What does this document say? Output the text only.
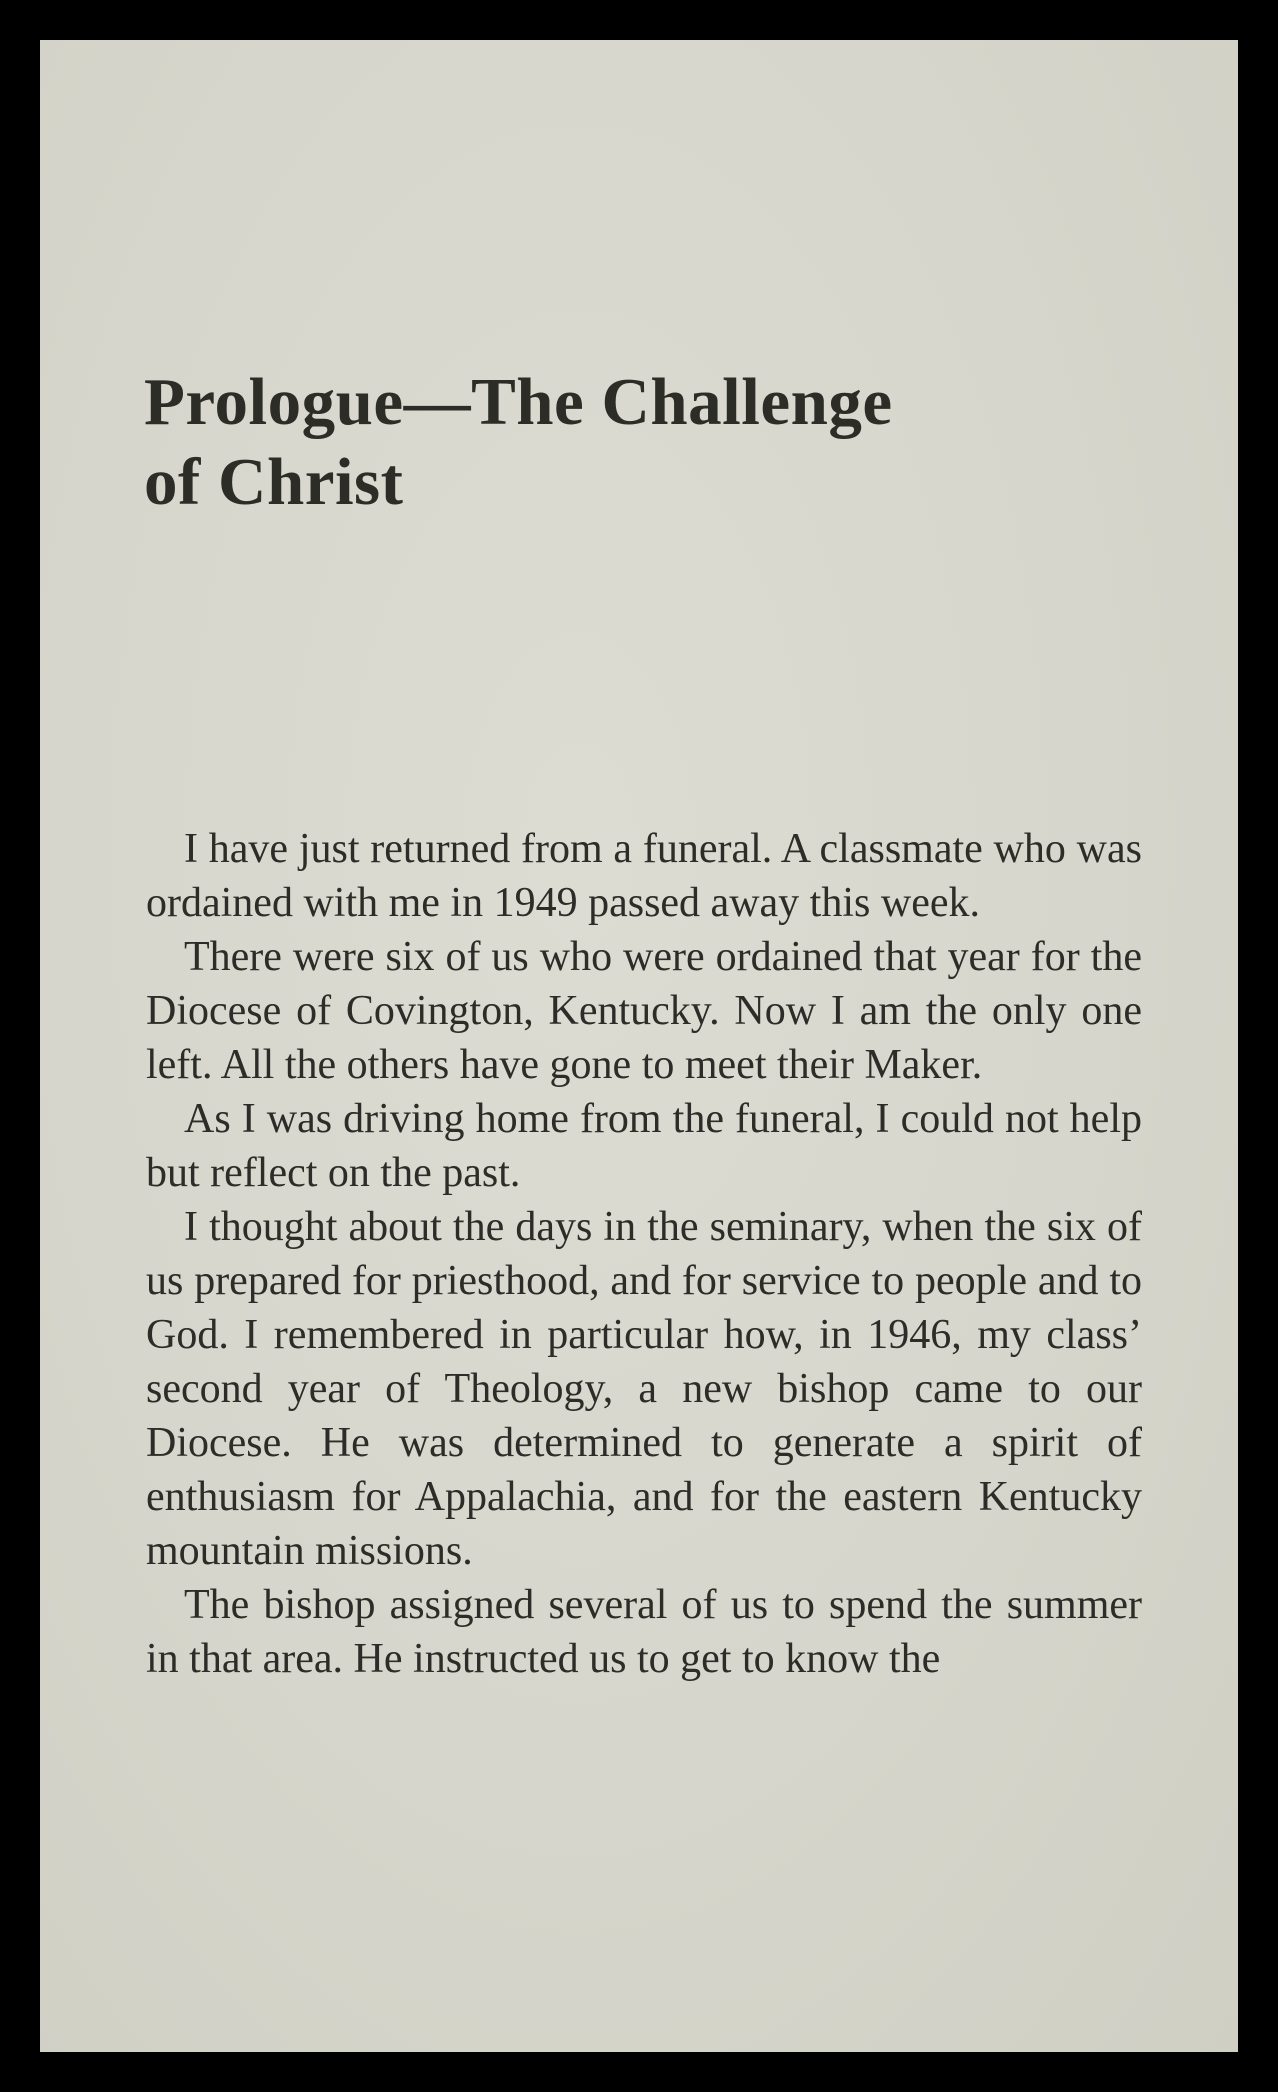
Prologue—The Challenge
of Christ

I have just returned from a funeral. A classmate who was ordained with me in 1949 passed away this week.

There were six of us who were ordained that year for the Diocese of Covington, Kentucky. Now I am the only one left. All the others have gone to meet their Maker.

As I was driving home from the funeral, I could not help but reflect on the past.

I thought about the days in the seminary, when the six of us prepared for priesthood, and for service to people and to God. I remembered in particular how, in 1946, my class’ second year of Theology, a new bishop came to our Diocese. He was determined to generate a spirit of enthusiasm for Appalachia, and for the eastern Kentucky mountain missions.

The bishop assigned several of us to spend the summer in that area. He instructed us to get to know the
